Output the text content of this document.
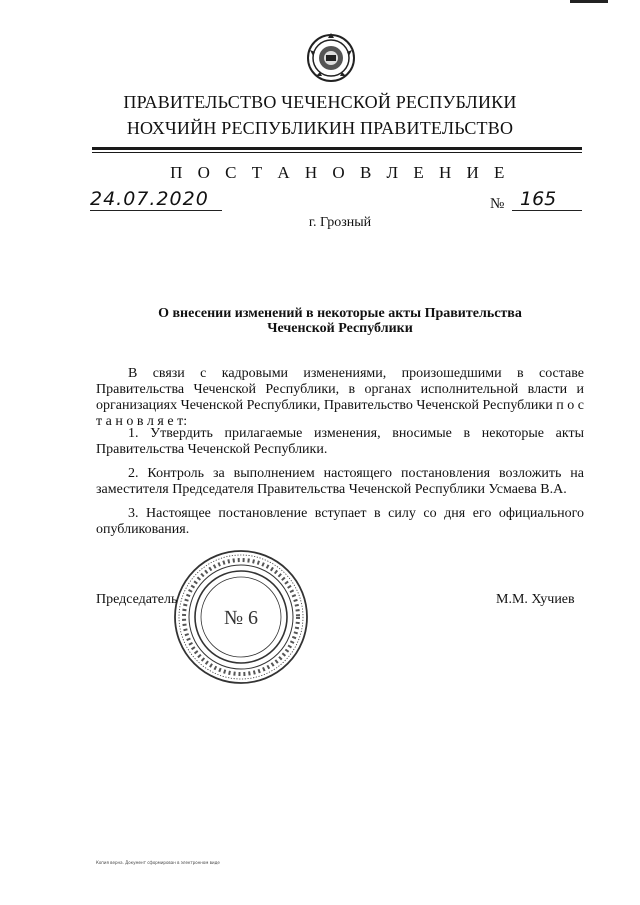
ПРАВИТЕЛЬСТВО ЧЕЧЕНСКОЙ РЕСПУБЛИКИ
НОХЧИЙН РЕСПУБЛИКИН ПРАВИТЕЛЬСТВО
П О С Т А Н О В Л Е Н И Е
24.07.2020	№ 165
г. Грозный
О внесении изменений в некоторые акты Правительства
Чеченской Республики
В связи с кадровыми изменениями, произошедшими в составе Правительства Чеченской Республики, в органах исполнительной власти и организациях Чеченской Республики, Правительство Чеченской Республики п о с т а н о в л я е т:
1. Утвердить прилагаемые изменения, вносимые в некоторые акты Правительства Чеченской Республики.
2. Контроль за выполнением настоящего постановления возложить на заместителя Председателя Правительства Чеченской Республики Усмаева В.А.
3. Настоящее постановление вступает в силу со дня его официального опубликования.
№ 6
Председатель	М.М. Хучиев
Копия верна. Документ сформирован в электронном виде
